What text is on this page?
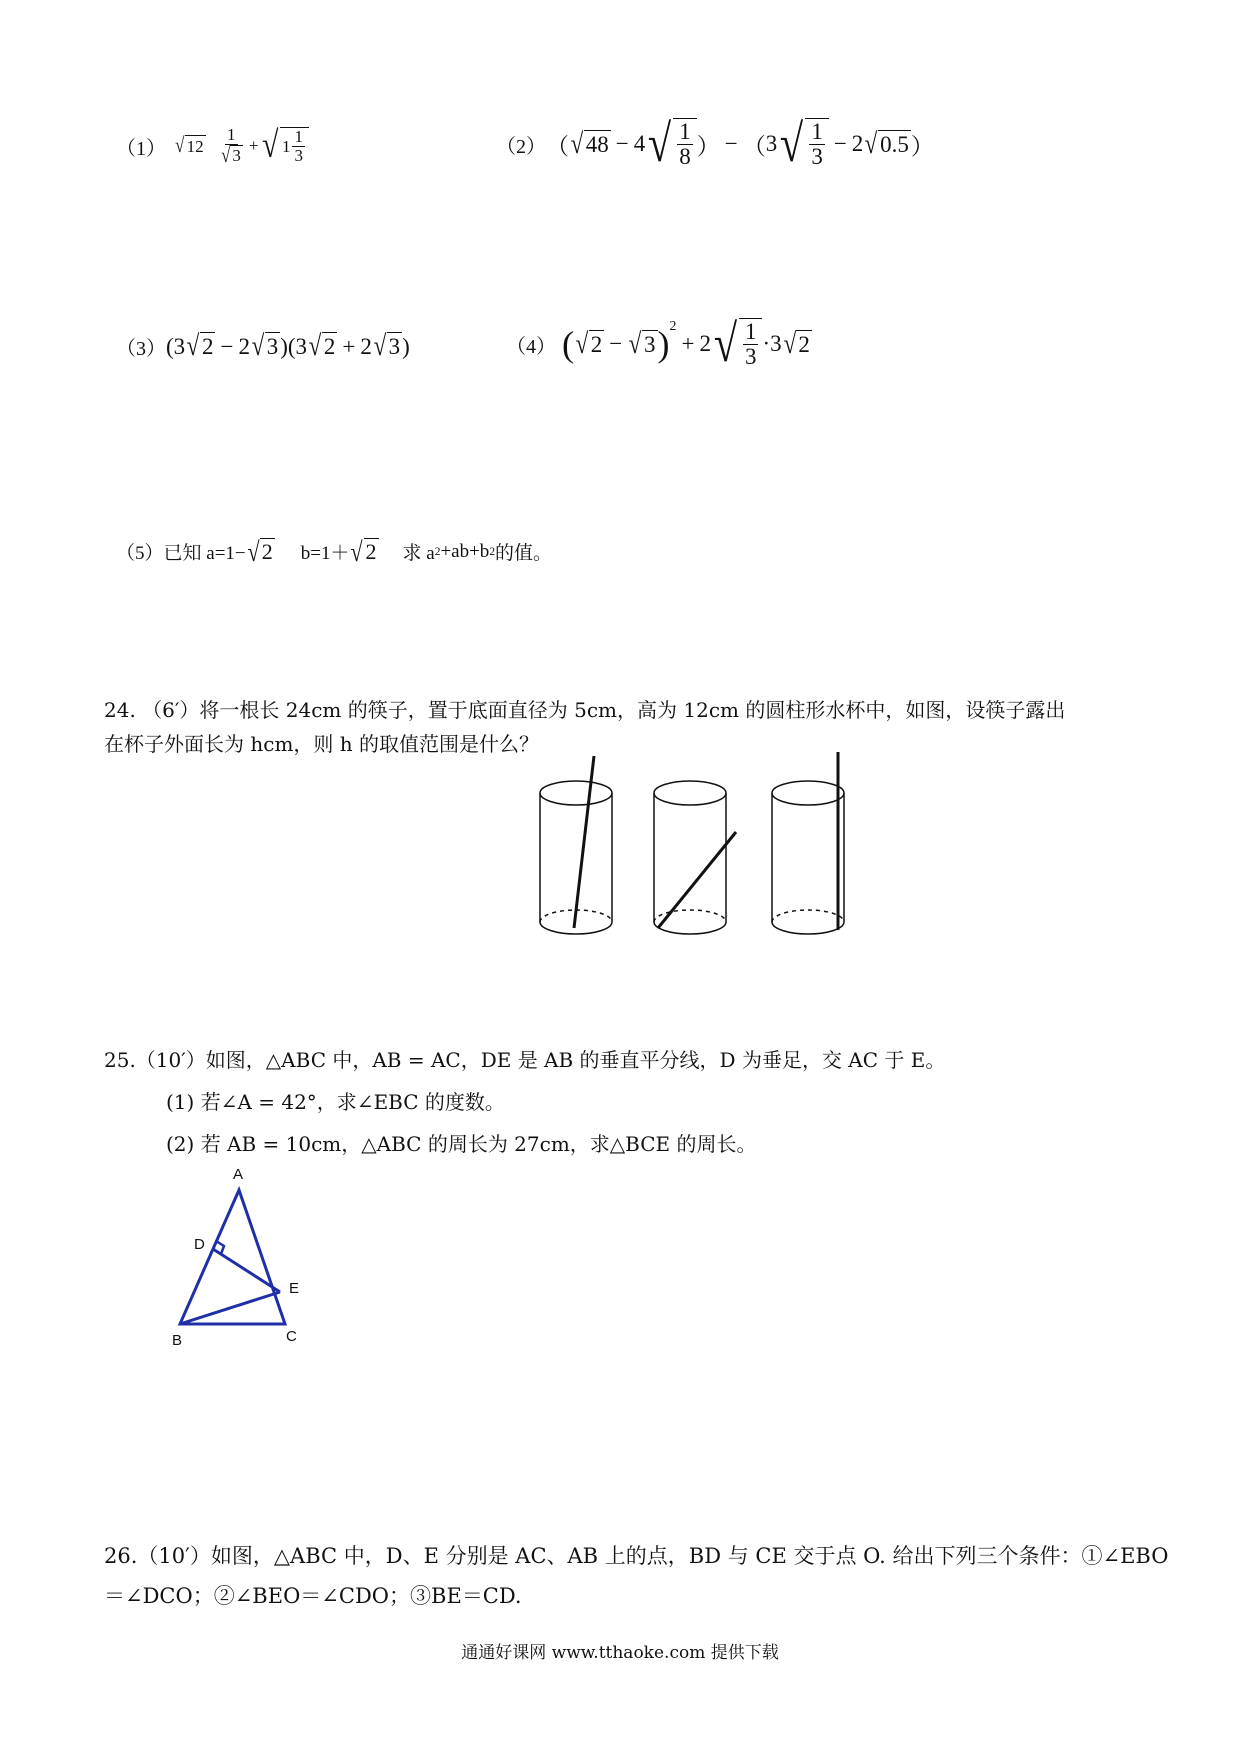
（1） √ 12
1
√ 3
+ √ 1 1
3	（2） （ √ 48 − 4 √ 1
8 ） − （ 3 √ 1
3
− 2 √ 0.5 ）
（3） ( 3 √ 2 − 2 √ 3 )( 3 √ 2 + 2 √ 3 )	（4） ( √ 2 − √ 3 )$^2$
+ 2 √ 1
3
· 3 √ 2
（5） 已知 a=1− √ 2 b=1＋ √ 2 求 a 2 +ab+b 2 的值。
24. （6′）将一根长 24cm 的筷子，置于底面直径为 5cm，高为 12cm 的圆柱形水杯中，如图，设筷子露出
在杯子外面长为 hcm，则 h 的取值范围是什么？
25.（10′）如图，△ABC 中，AB = AC，DE 是 AB 的垂直平分线，D 为垂足，交 AC 于 E。
(1) 若∠A = 42°，求∠EBC 的度数。
(2) 若 AB = 10cm，△ABC 的周长为 27cm，求△BCE 的周长。
A
D
E
B	C
26.（10′）如图，△ABC 中，D、E 分别是 AC、AB 上的点，BD 与 CE 交于点 O. 给出下列三个条件：①∠EBO
＝∠DCO；②∠BEO＝∠CDO；③BE＝CD.
通通好课网 www.tthaoke.com 提供下载
